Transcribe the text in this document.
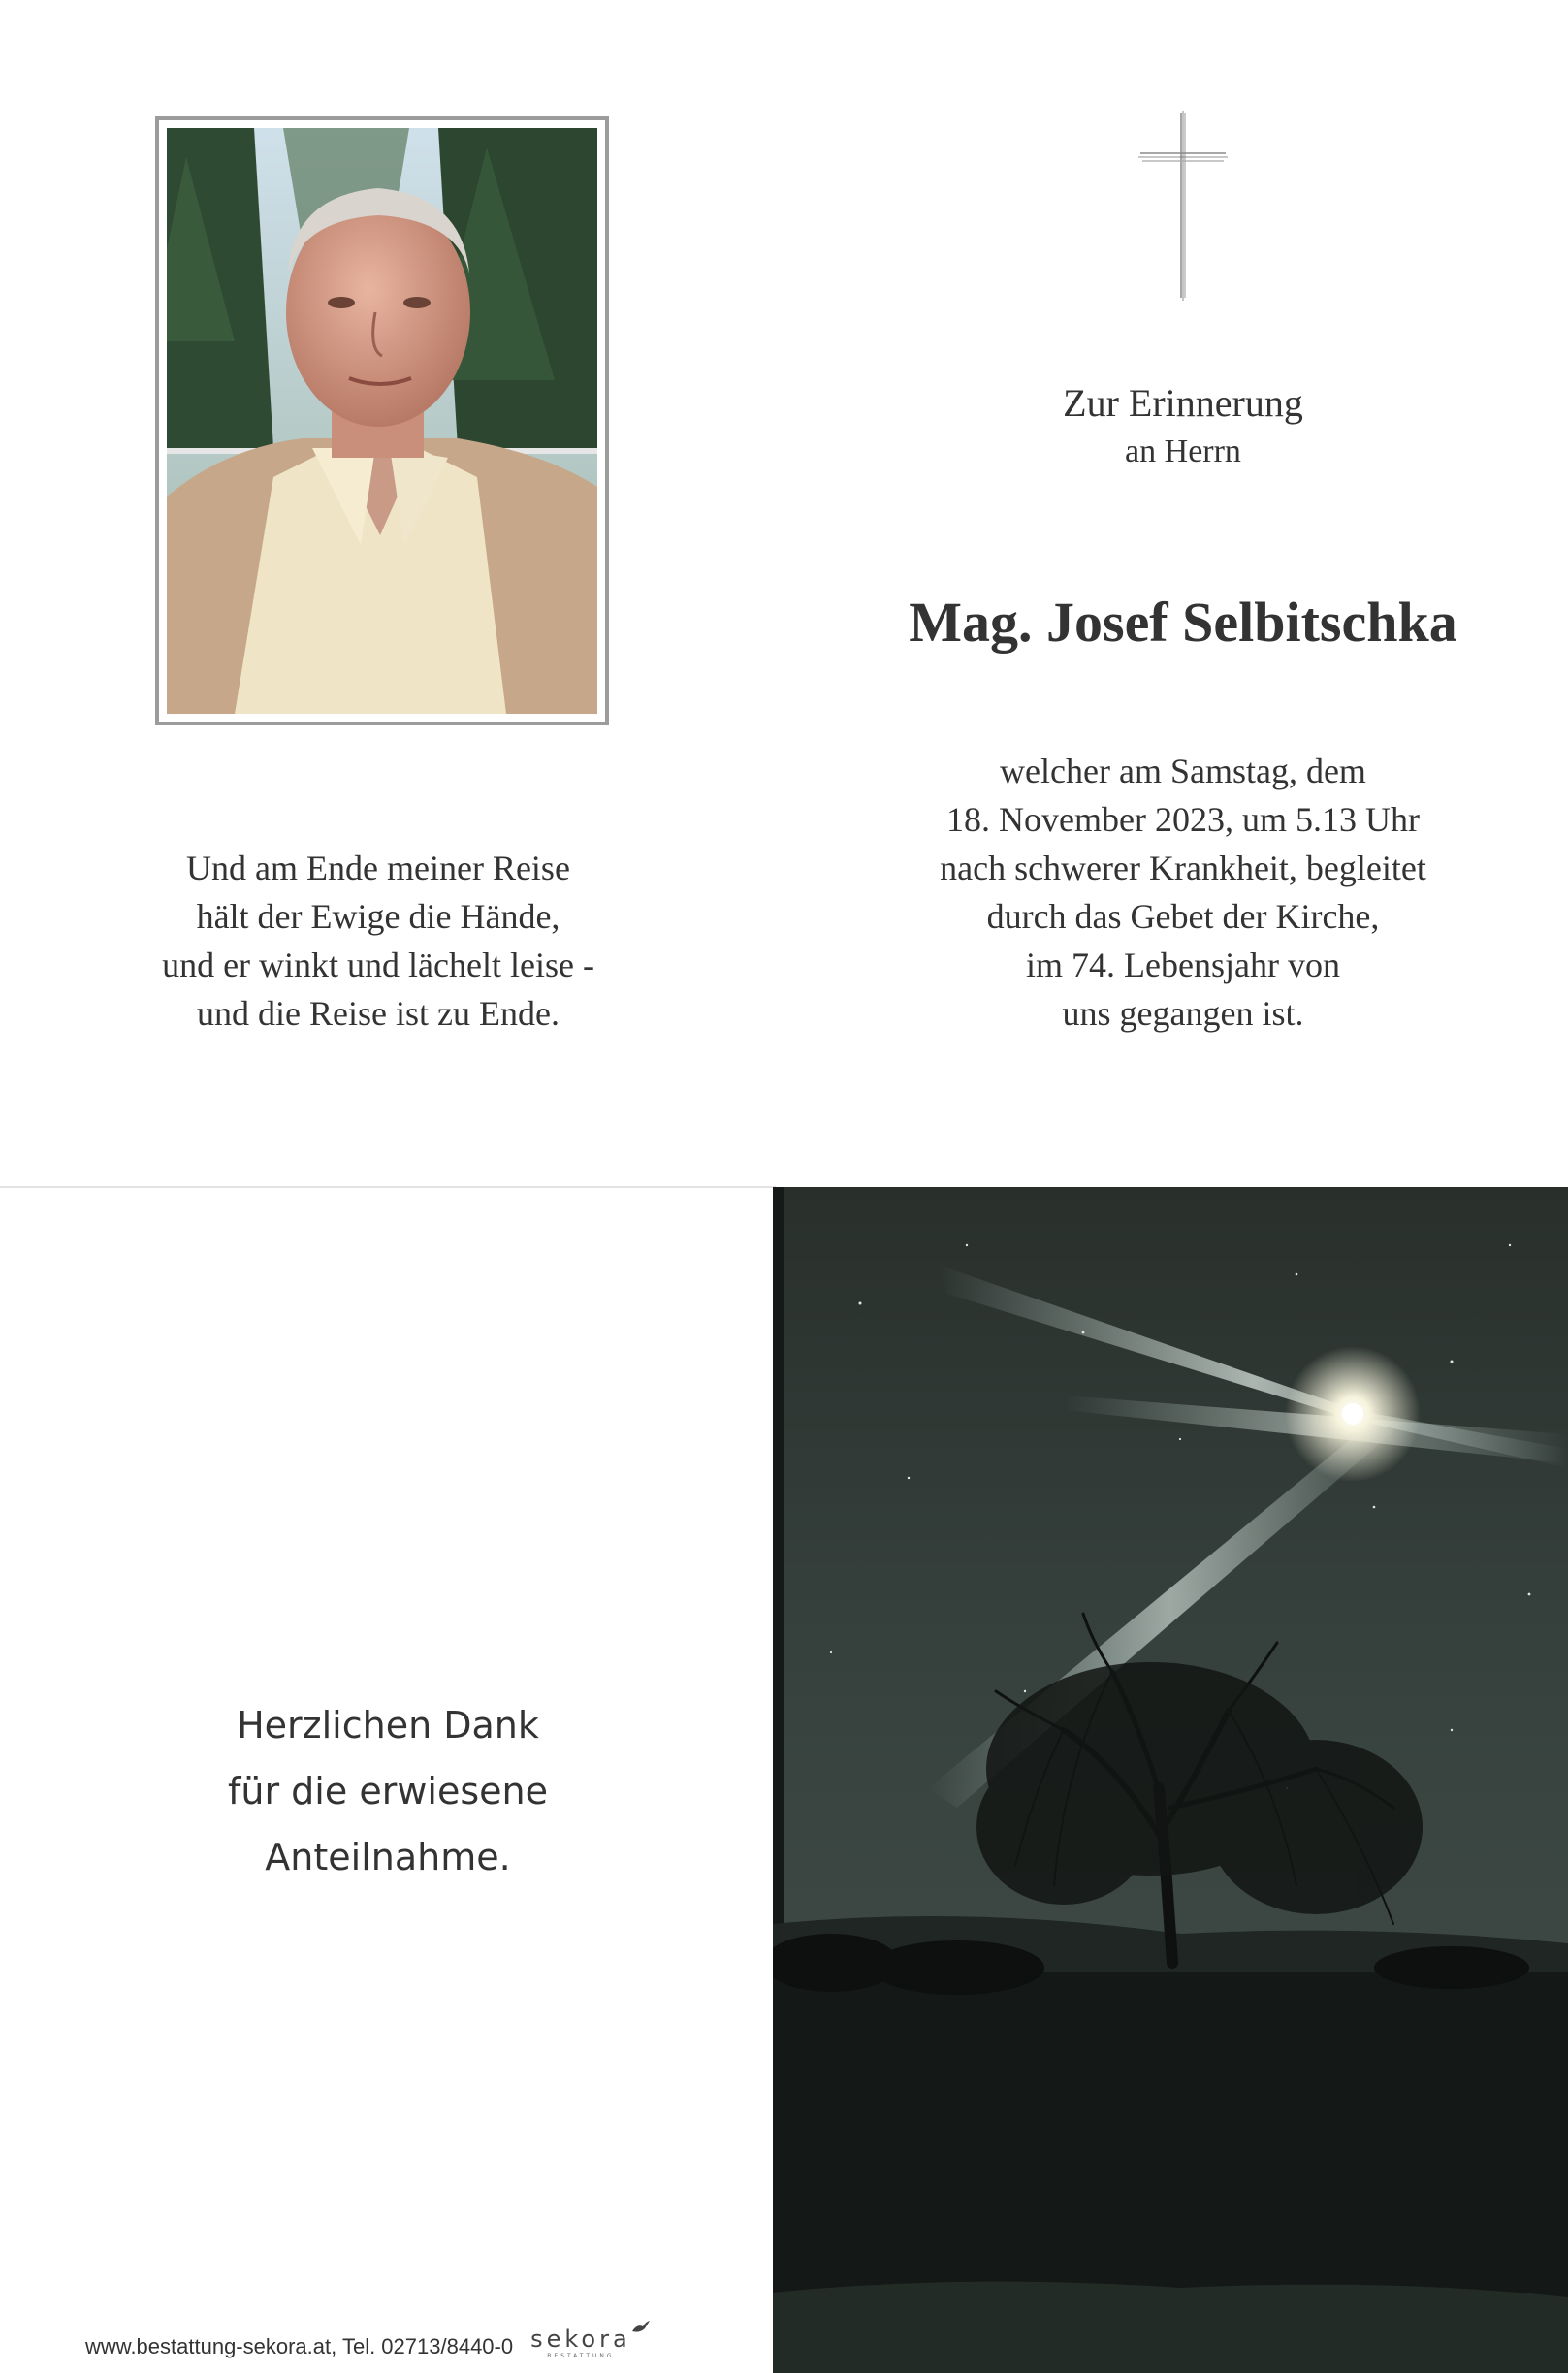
Und am Ende meiner Reise
hält der Ewige die Hände,
und er winkt und lächelt leise -
und die Reise ist zu Ende.
Zur Erinnerung
an Herrn
Mag. Josef Selbitschka
welcher am Samstag, dem
18. November 2023, um 5.13 Uhr
nach schwerer Krankheit, begleitet
durch das Gebet der Kirche,
im 74. Lebensjahr von
uns gegangen ist.
Herzlichen Dank
für die erwiesene
Anteilnahme.
www.bestattung-sekora.at, Tel. 02713/8440-0 sekora
BESTATTUNG
